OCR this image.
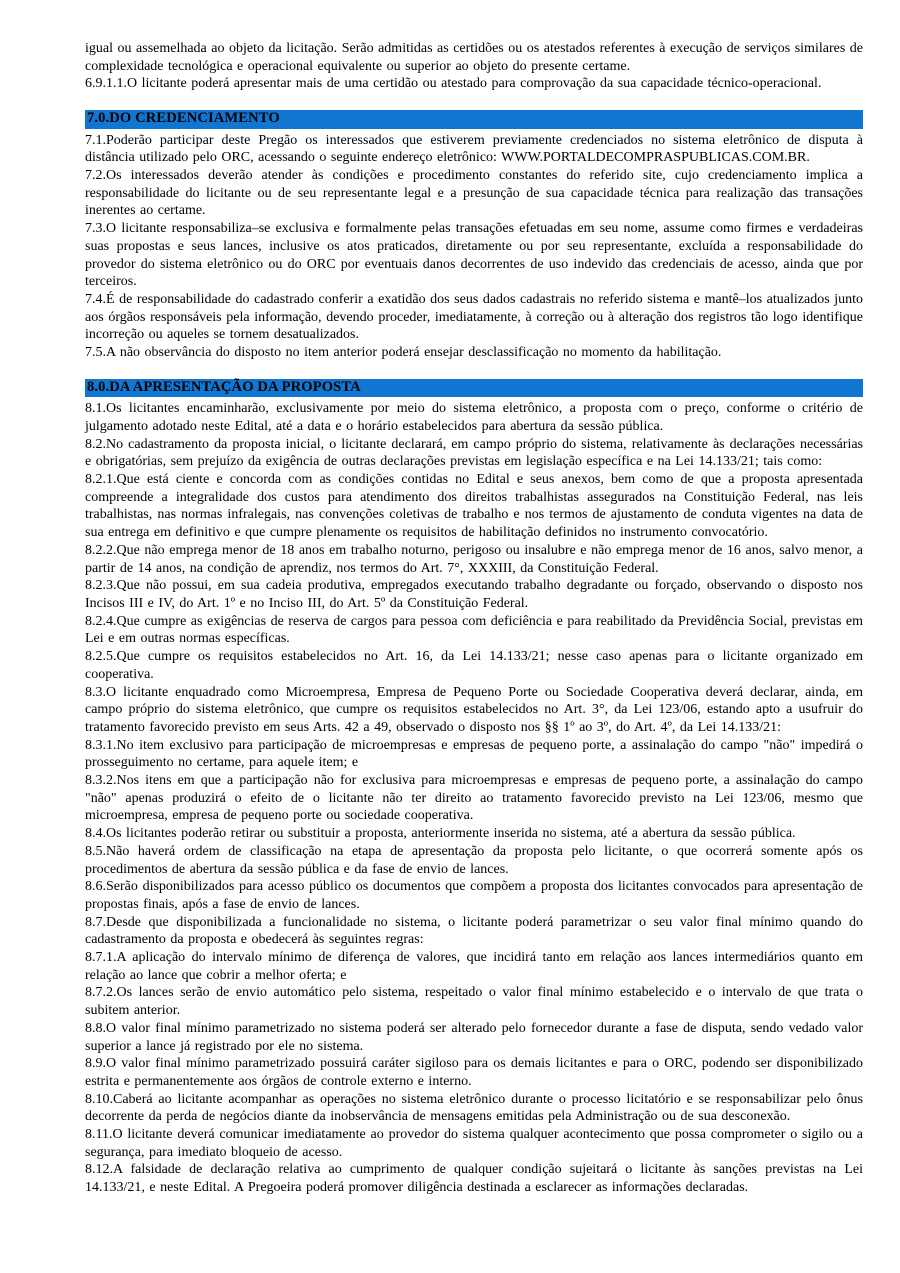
igual ou assemelhada ao objeto da licitação. Serão admitidas as certidões ou os atestados referentes à execução de serviços similares de complexidade tecnológica e operacional equivalente ou superior ao objeto do presente certame.

6.9.1.1.O licitante poderá apresentar mais de uma certidão ou atestado para comprovação da sua capacidade técnico-operacional.

7.0.DO CREDENCIAMENTO

7.1.Poderão participar deste Pregão os interessados que estiverem previamente credenciados no sistema eletrônico de disputa à distância utilizado pelo ORC, acessando o seguinte endereço eletrônico: WWW.PORTALDECOMPRASPUBLICAS.COM.BR.

7.2.Os interessados deverão atender às condições e procedimento constantes do referido site, cujo credenciamento implica a responsabilidade do licitante ou de seu representante legal e a presunção de sua capacidade técnica para realização das transações inerentes ao certame.

7.3.O licitante responsabiliza–se exclusiva e formalmente pelas transações efetuadas em seu nome, assume como firmes e verdadeiras suas propostas e seus lances, inclusive os atos praticados, diretamente ou por seu representante, excluída a responsabilidade do provedor do sistema eletrônico ou do ORC por eventuais danos decorrentes de uso indevido das credenciais de acesso, ainda que por terceiros.

7.4.É de responsabilidade do cadastrado conferir a exatidão dos seus dados cadastrais no referido sistema e mantê–los atualizados junto aos órgãos responsáveis pela informação, devendo proceder, imediatamente, à correção ou à alteração dos registros tão logo identifique incorreção ou aqueles se tornem desatualizados.

7.5.A não observância do disposto no item anterior poderá ensejar desclassificação no momento da habilitação.

8.0.DA APRESENTAÇÃO DA PROPOSTA

8.1.Os licitantes encaminharão, exclusivamente por meio do sistema eletrônico, a proposta com o preço, conforme o critério de julgamento adotado neste Edital, até a data e o horário estabelecidos para abertura da sessão pública.

8.2.No cadastramento da proposta inicial, o licitante declarará, em campo próprio do sistema, relativamente às declarações necessárias e obrigatórias, sem prejuízo da exigência de outras declarações previstas em legislação específica e na Lei 14.133/21; tais como:

8.2.1.Que está ciente e concorda com as condições contidas no Edital e seus anexos, bem como de que a proposta apresentada compreende a integralidade dos custos para atendimento dos direitos trabalhistas assegurados na Constituição Federal, nas leis trabalhistas, nas normas infralegais, nas convenções coletivas de trabalho e nos termos de ajustamento de conduta vigentes na data de sua entrega em definitivo e que cumpre plenamente os requisitos de habilitação definidos no instrumento convocatório.

8.2.2.Que não emprega menor de 18 anos em trabalho noturno, perigoso ou insalubre e não emprega menor de 16 anos, salvo menor, a partir de 14 anos, na condição de aprendiz, nos termos do Art. 7°, XXXIII, da Constituição Federal.

8.2.3.Que não possui, em sua cadeia produtiva, empregados executando trabalho degradante ou forçado, observando o disposto nos Incisos III e IV, do Art. 1º e no Inciso III, do Art. 5º da Constituição Federal.

8.2.4.Que cumpre as exigências de reserva de cargos para pessoa com deficiência e para reabilitado da Previdência Social, previstas em Lei e em outras normas específicas.

8.2.5.Que cumpre os requisitos estabelecidos no Art. 16, da Lei 14.133/21; nesse caso apenas para o licitante organizado em cooperativa.

8.3.O licitante enquadrado como Microempresa, Empresa de Pequeno Porte ou Sociedade Cooperativa deverá declarar, ainda, em campo próprio do sistema eletrônico, que cumpre os requisitos estabelecidos no Art. 3°, da Lei 123/06, estando apto a usufruir do tratamento favorecido previsto em seus Arts. 42 a 49, observado o disposto nos §§ 1º ao 3º, do Art. 4º, da Lei 14.133/21:

8.3.1.No item exclusivo para participação de microempresas e empresas de pequeno porte, a assinalação do campo "não" impedirá o prosseguimento no certame, para aquele item; e

8.3.2.Nos itens em que a participação não for exclusiva para microempresas e empresas de pequeno porte, a assinalação do campo "não" apenas produzirá o efeito de o licitante não ter direito ao tratamento favorecido previsto na Lei 123/06, mesmo que microempresa, empresa de pequeno porte ou sociedade cooperativa.

8.4.Os licitantes poderão retirar ou substituir a proposta, anteriormente inserida no sistema, até a abertura da sessão pública.

8.5.Não haverá ordem de classificação na etapa de apresentação da proposta pelo licitante, o que ocorrerá somente após os procedimentos de abertura da sessão pública e da fase de envio de lances.

8.6.Serão disponibilizados para acesso público os documentos que compõem a proposta dos licitantes convocados para apresentação de propostas finais, após a fase de envio de lances.

8.7.Desde que disponibilizada a funcionalidade no sistema, o licitante poderá parametrizar o seu valor final mínimo quando do cadastramento da proposta e obedecerá às seguintes regras:

8.7.1.A aplicação do intervalo mínimo de diferença de valores, que incidirá tanto em relação aos lances intermediários quanto em relação ao lance que cobrir a melhor oferta; e

8.7.2.Os lances serão de envio automático pelo sistema, respeitado o valor final mínimo estabelecido e o intervalo de que trata o subitem anterior.

8.8.O valor final mínimo parametrizado no sistema poderá ser alterado pelo fornecedor durante a fase de disputa, sendo vedado valor superior a lance já registrado por ele no sistema.

8.9.O valor final mínimo parametrizado possuirá caráter sigiloso para os demais licitantes e para o ORC, podendo ser disponibilizado estrita e permanentemente aos órgãos de controle externo e interno.

8.10.Caberá ao licitante acompanhar as operações no sistema eletrônico durante o processo licitatório e se responsabilizar pelo ônus decorrente da perda de negócios diante da inobservância de mensagens emitidas pela Administração ou de sua desconexão.

8.11.O licitante deverá comunicar imediatamente ao provedor do sistema qualquer acontecimento que possa comprometer o sigilo ou a segurança, para imediato bloqueio de acesso.

8.12.A falsidade de declaração relativa ao cumprimento de qualquer condição sujeitará o licitante às sanções previstas na Lei 14.133/21, e neste Edital. A Pregoeira poderá promover diligência destinada a esclarecer as informações declaradas.
